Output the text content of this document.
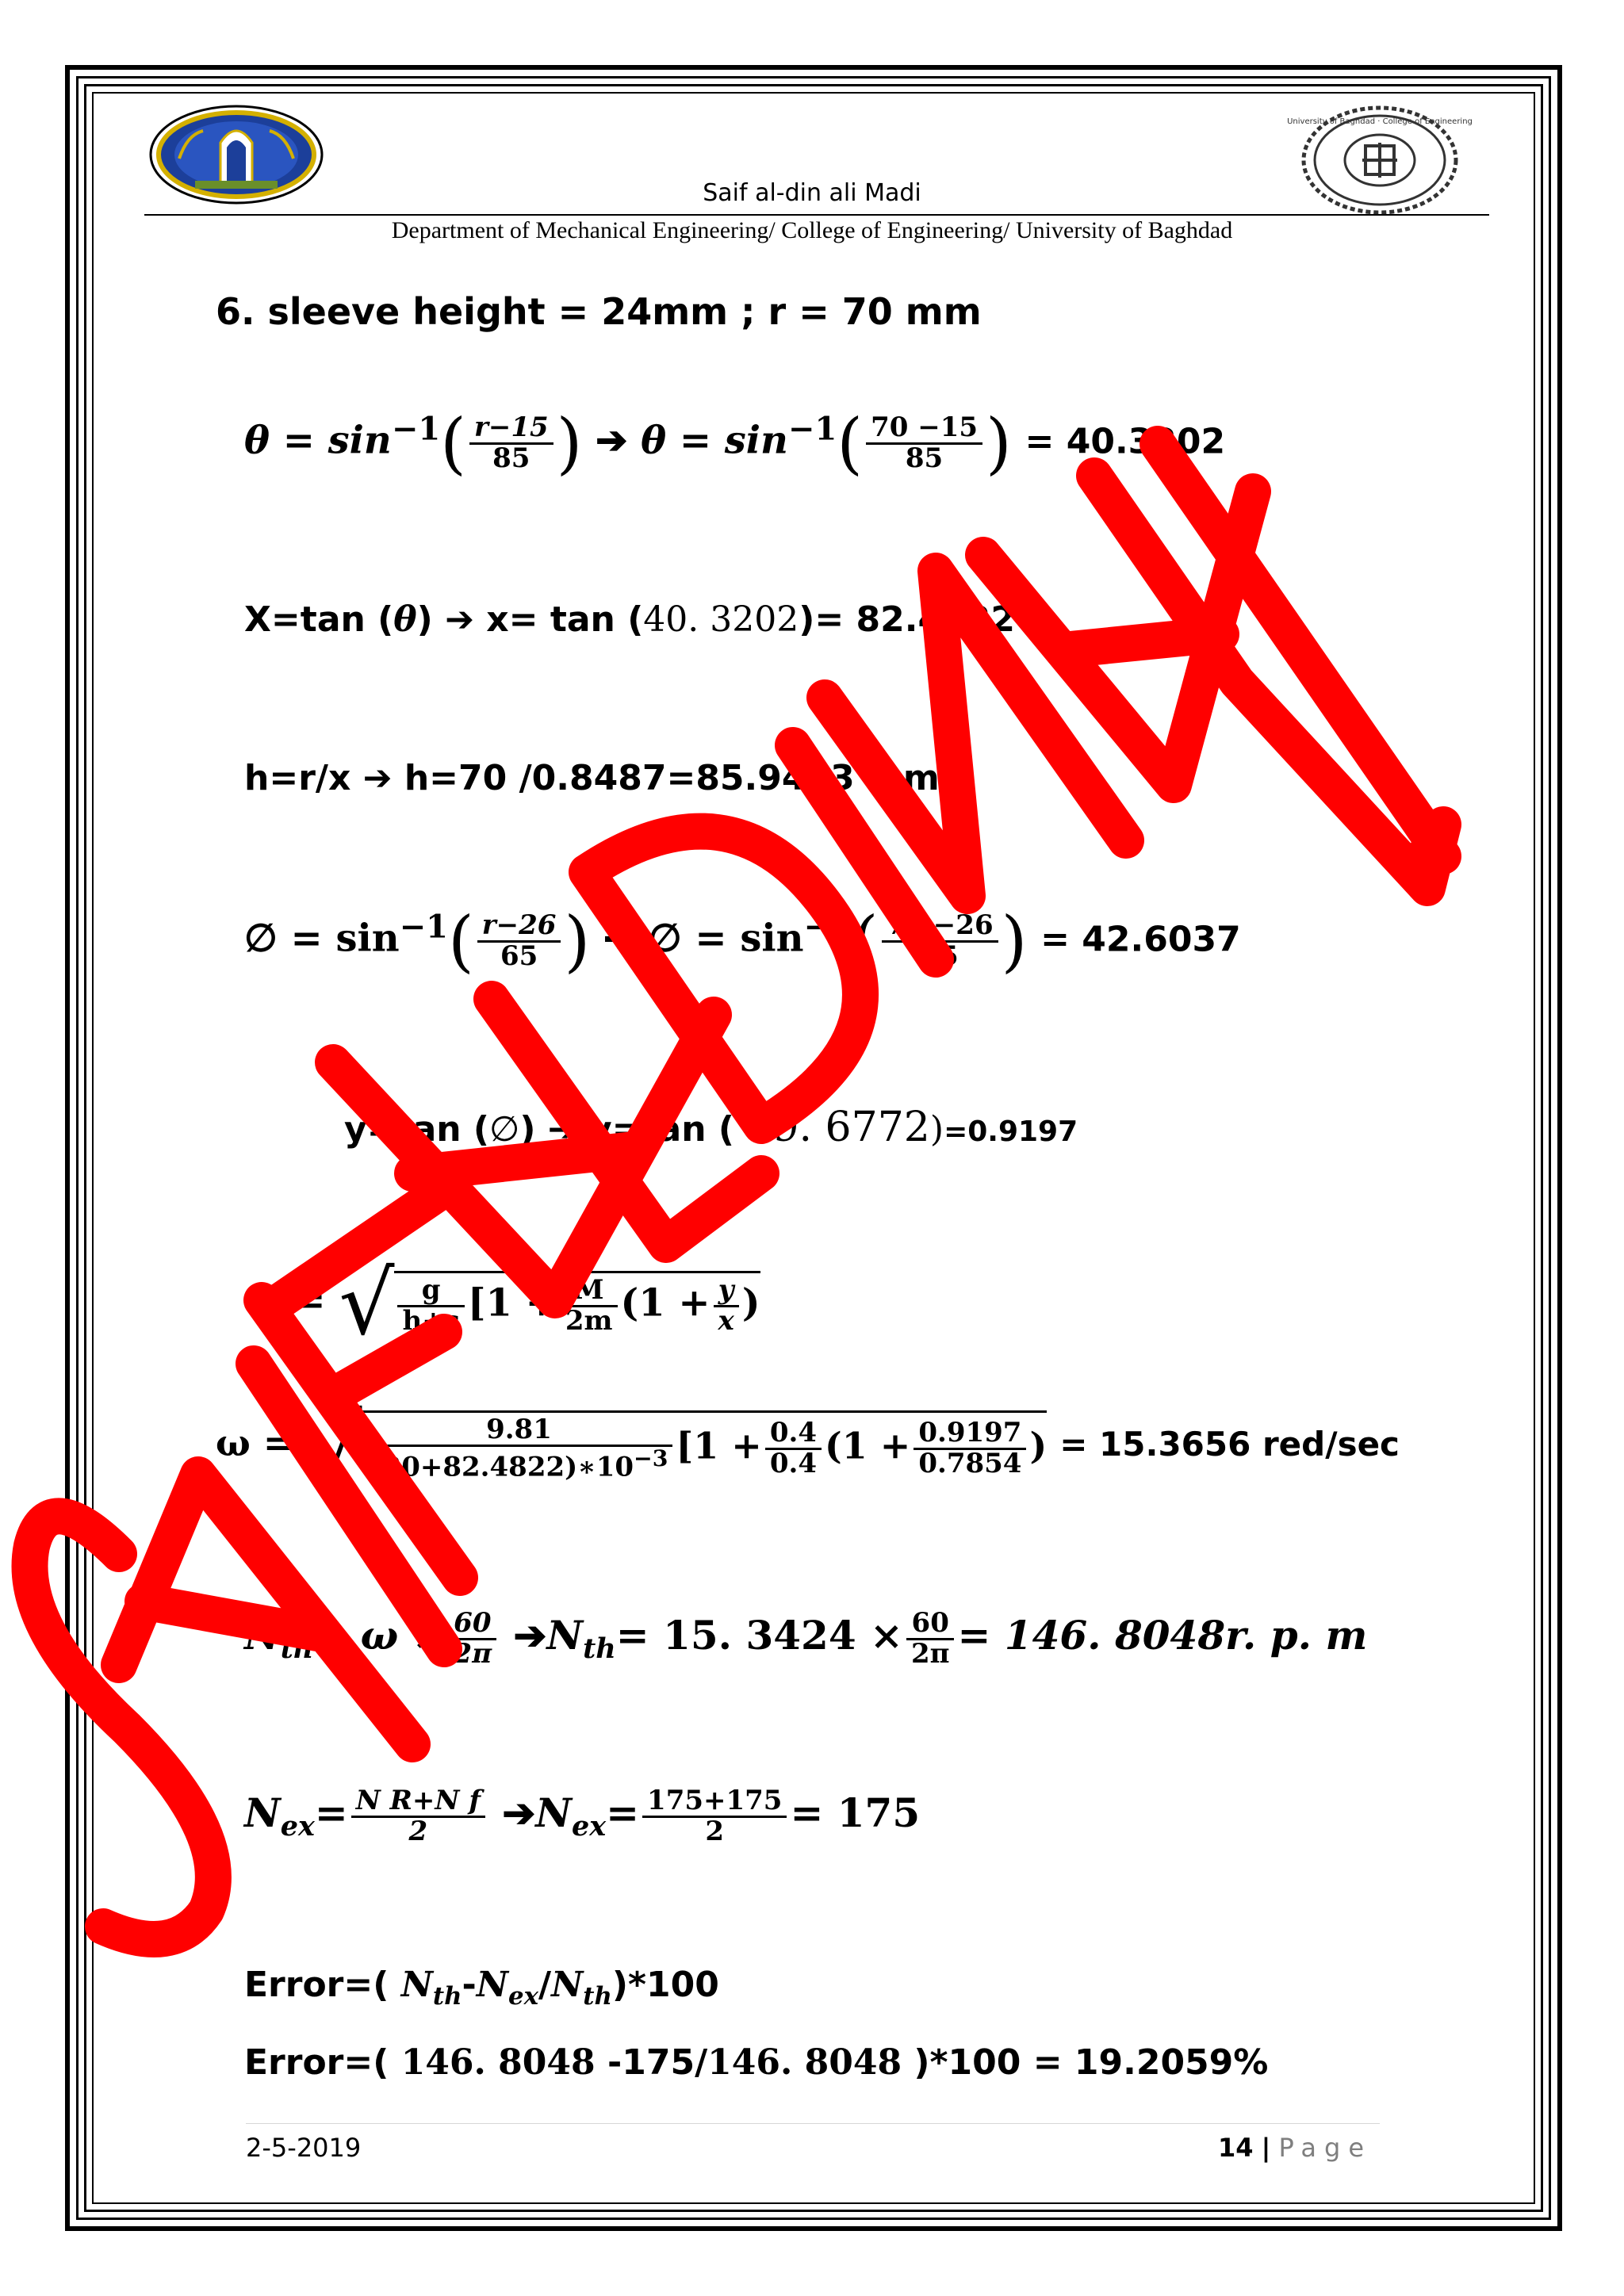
University of Baghdad · College of Engineering
Saif al-din ali Madi
Department of Mechanical Engineering/ College of Engineering/ University of Baghdad
6. sleeve height = 24mm ; r = 70 mm
$\theta = \sin^{-1}( \frac{r-15}{85}$ ) ➔ $\theta = \sin^{-1}( \frac{70 -15}{85}$ ) = 40.3202
X=tan (θ) ➔ x= tan (40. 3202)= 82.4822
h=r/x ➔ h=70 /0.8487=85.9483 mm
∅ = $\sin^{-1}( \frac{r-26}{65}$ ) ➔ ∅ = $\sin^{-1}( \frac{70 -26}{65}$ ) = 42.6037
y=tan (∅) ➔ y=tan ( 39. 6772)=0.9197
ω = √ $\frac{g}{h+s} [1 + \frac{M}{2m} (1 + \frac{y}{x}$ )
ω = √ $\frac{9.81}{(20+82.4822)∗10^{-3}} [1 + \frac{0.4}{0.4} (1 + \frac{0.9197}{0.7854}$ ) = 15.3656 red/sec
$N_{th}= \omega \times \frac{60}{2\pi}$ $➔N_{th}= 15$. $3424 \times \frac{60}{2\pi} = 146$. 8048r. p. m
$N_{ex}= \frac{\text{N R+N f}}{2}$ $➔N_{ex}= \frac{175+175}{2} = 175$
Error=( $N_{th}-N_{ex}/N_{th})*100$
Error=( 146. 8048 -175/146. 8048 )*100 = 19.2059%
2-5-2019	14 | Page
